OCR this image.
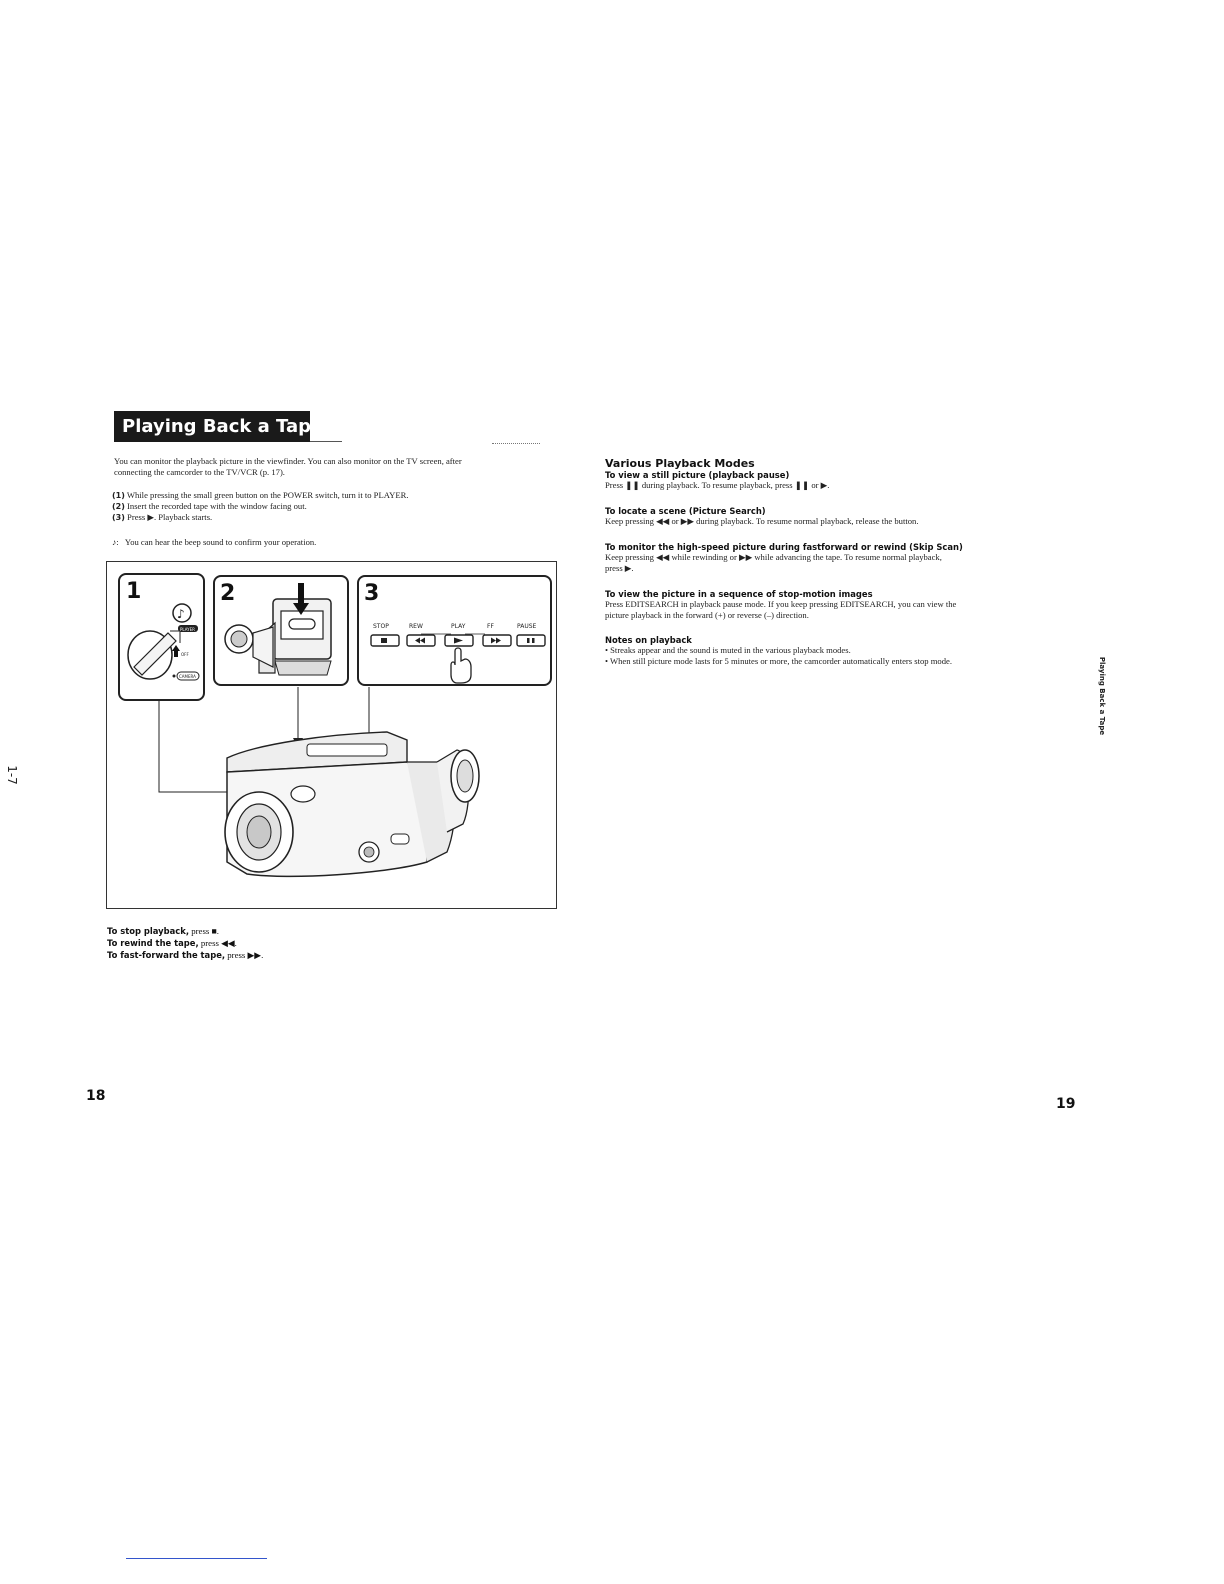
Playing Back a Tape
You can monitor the playback picture in the viewfinder. You can also monitor on the TV screen, after
connecting the camcorder to the TV/VCR (p. 17).
(1) While pressing the small green button on the POWER switch, turn it to PLAYER.
(2) Insert the recorded tape with the window facing out.
(3) Press ▶. Playback starts.
♪: You can hear the beep sound to confirm your operation.
1
♪
PLAYER
OFF
CAMERA
2	3
STOP	REW	PLAY	FF	PAUSE
To stop playback, press ■.
To rewind the tape, press ◀◀.
To fast-forward the tape, press ▶▶.
18
1-7
Various Playback Modes
To view a still picture (playback pause)
Press ❚❚ during playback. To resume playback, press ❚❚ or ▶.
To locate a scene (Picture Search)
Keep pressing ◀◀ or ▶▶ during playback. To resume normal playback, release the button.
To monitor the high-speed picture during fastforward or rewind (Skip Scan)
Keep pressing ◀◀ while rewinding or ▶▶ while advancing the tape. To resume normal playback,
press ▶.
To view the picture in a sequence of stop-motion images
Press EDITSEARCH in playback pause mode. If you keep pressing EDITSEARCH, you can view the
picture playback in the forward (+) or reverse (–) direction.
Notes on playback
• Streaks appear and the sound is muted in the various playback modes.
• When still picture mode lasts for 5 minutes or more, the camcorder automatically enters stop mode.	Playing Back a Tape
19
